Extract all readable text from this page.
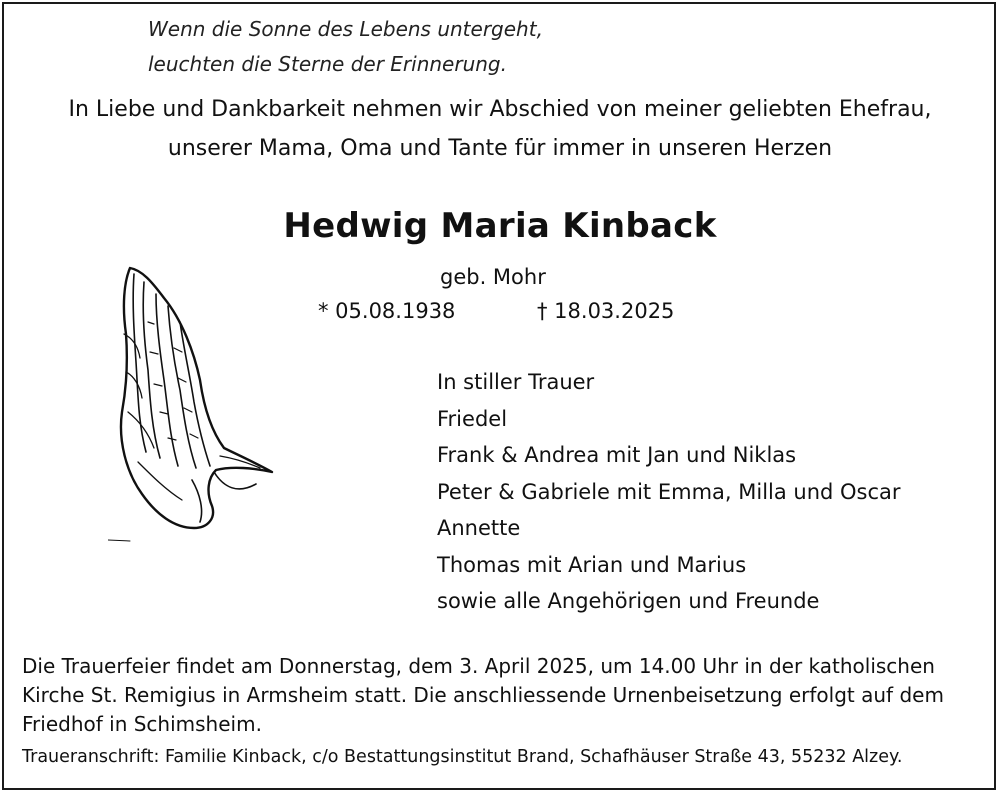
Wenn die Sonne des Lebens untergeht,
leuchten die Sterne der Erinnerung.
In Liebe und Dankbarkeit nehmen wir Abschied von meiner geliebten Ehefrau,
unserer Mama, Oma und Tante für immer in unseren Herzen
Hedwig Maria Kinback
geb. Mohr
* 05.08.1938	† 18.03.2025
In stiller Trauer
Friedel
Frank & Andrea mit Jan und Niklas
Peter & Gabriele mit Emma, Milla und Oscar
Annette
Thomas mit Arian und Marius
sowie alle Angehörigen und Freunde
Die Trauerfeier findet am Donnerstag, dem 3. April 2025, um 14.00 Uhr in der katholischen Kirche St. Remigius in Armsheim statt. Die anschliessende Urnenbeisetzung erfolgt auf dem Friedhof in Schimsheim.
Traueranschrift: Familie Kinback, c/o Bestattungsinstitut Brand, Schafhäuser Straße 43, 55232 Alzey.
